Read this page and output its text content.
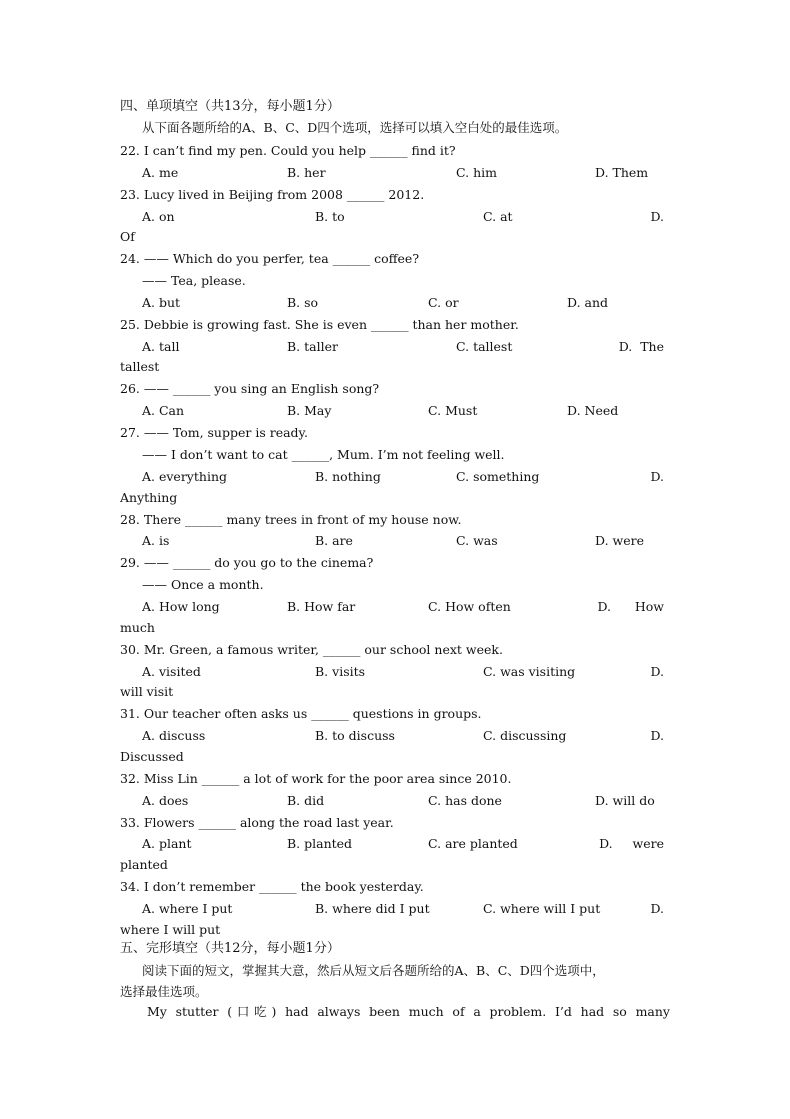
四、单项填空（共13分，每小题1分）
从下面各题所给的A、B、C、D四个选项，选择可以填入空白处的最佳选项。
22. I can’t find my pen. Could you help ______ find it?

A. me

	B. her

	C. him

	D. Them

23. Lucy lived in Beijing from 2008 ______ 2012.

A. on

	B. to

	C. at

	D.

Of
24. —— Which do you perfer, tea ______ coffee?
—— Tea, please.

A. but

	B. so

	C. or

	D. and

25. Debbie is growing fast. She is even ______ than her mother.

A. tall

	B. taller

	C. tallest

	D.  The

tallest
26. —— ______ you sing an English song?

A. Can

	B. May

	C. Must

	D. Need

27. —— Tom, supper is ready.
—— I don’t want to cat ______, Mum. I’m not feeling well.

A. everything

	B. nothing

	C. something

	D.

Anything
28. There ______ many trees in front of my house now.

A. is

	B. are

	C. was

	D. were

29. —— ______ do you go to the cinema?
—— Once a month.

A. How long

	B. How far

	C. How often

	D.      How

much
30. Mr. Green, a famous writer, ______ our school next week.

A. visited

	B. visits

	C. was visiting

	D.

will visit
31. Our teacher often asks us ______ questions in groups.

A. discuss

	B. to discuss

	C. discussing

	D.

Discussed
32. Miss Lin ______ a lot of work for the poor area since 2010.

A. does

	B. did

	C. has done

	D. will do

33. Flowers ______ along the road last year.

A. plant

	B. planted

	C. are planted

	D.     were

planted
34. I don’t remember ______ the book yesterday.

A. where I put

	B. where did I put

	C. where will I put

	D.

where I will put
五、完形填空（共12分，每小题1分）
阅读下面的短文，掌握其大意，然后从短文后各题所给的A、B、C、D四个选项中，
选择最佳选项。
My stutter (口吃) had always been much of a problem. I’d had so many
